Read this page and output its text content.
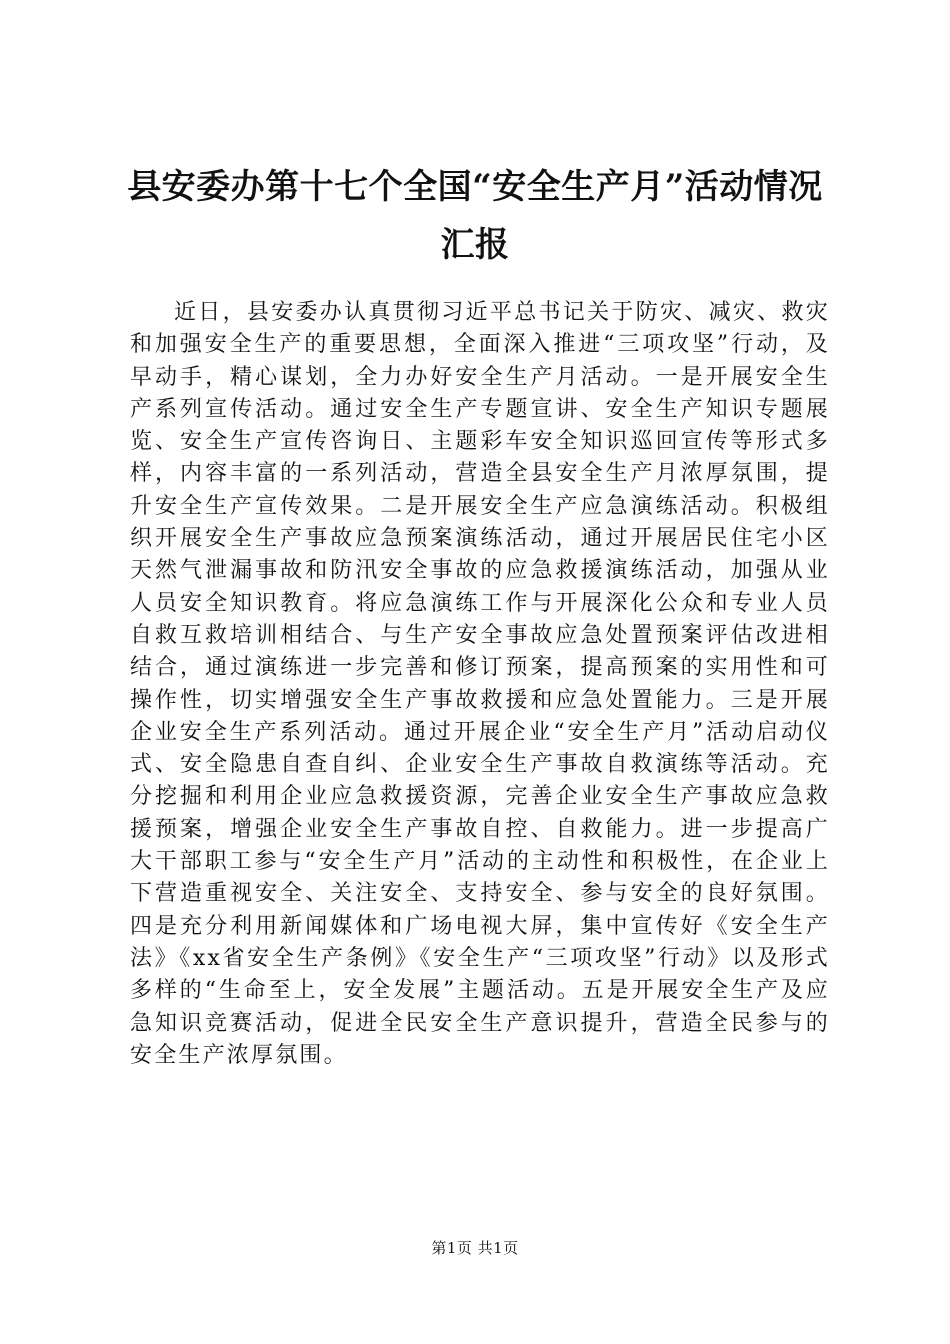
县安委办第十七个全国“安全生产月”活动情况汇报

近日，县安委办认真贯彻习近平总书记关于防灾、减灾、救灾和加强安全生产的重要思想，全面深入推进“三项攻坚”行动，及早动手，精心谋划，全力办好安全生产月活动。一是开展安全生产系列宣传活动。通过安全生产专题宣讲、安全生产知识专题展览、安全生产宣传咨询日、主题彩车安全知识巡回宣传等形式多样，内容丰富的一系列活动，营造全县安全生产月浓厚氛围，提升安全生产宣传效果。二是开展安全生产应急演练活动。积极组织开展安全生产事故应急预案演练活动，通过开展居民住宅小区天然气泄漏事故和防汛安全事故的应急救援演练活动，加强从业人员安全知识教育。将应急演练工作与开展深化公众和专业人员自救互救培训相结合、与生产安全事故应急处置预案评估改进相结合，通过演练进一步完善和修订预案，提高预案的实用性和可操作性，切实增强安全生产事故救援和应急处置能力。三是开展企业安全生产系列活动。通过开展企业“安全生产月”活动启动仪式、安全隐患自查自纠、企业安全生产事故自救演练等活动。充分挖掘和利用企业应急救援资源，完善企业安全生产事故应急救援预案，增强企业安全生产事故自控、自救能力。进一步提高广大干部职工参与“安全生产月”活动的主动性和积极性，在企业上下营造重视安全、关注安全、支持安全、参与安全的良好氛围。四是充分利用新闻媒体和广场电视大屏，集中宣传好《安全生产法》《xx省安全生产条例》《安全生产“三项攻坚”行动》以及形式多样的“生命至上，安全发展”主题活动。五是开展安全生产及应急知识竞赛活动，促进全民安全生产意识提升，营造全民参与的安全生产浓厚氛围。

第1页 共1页
